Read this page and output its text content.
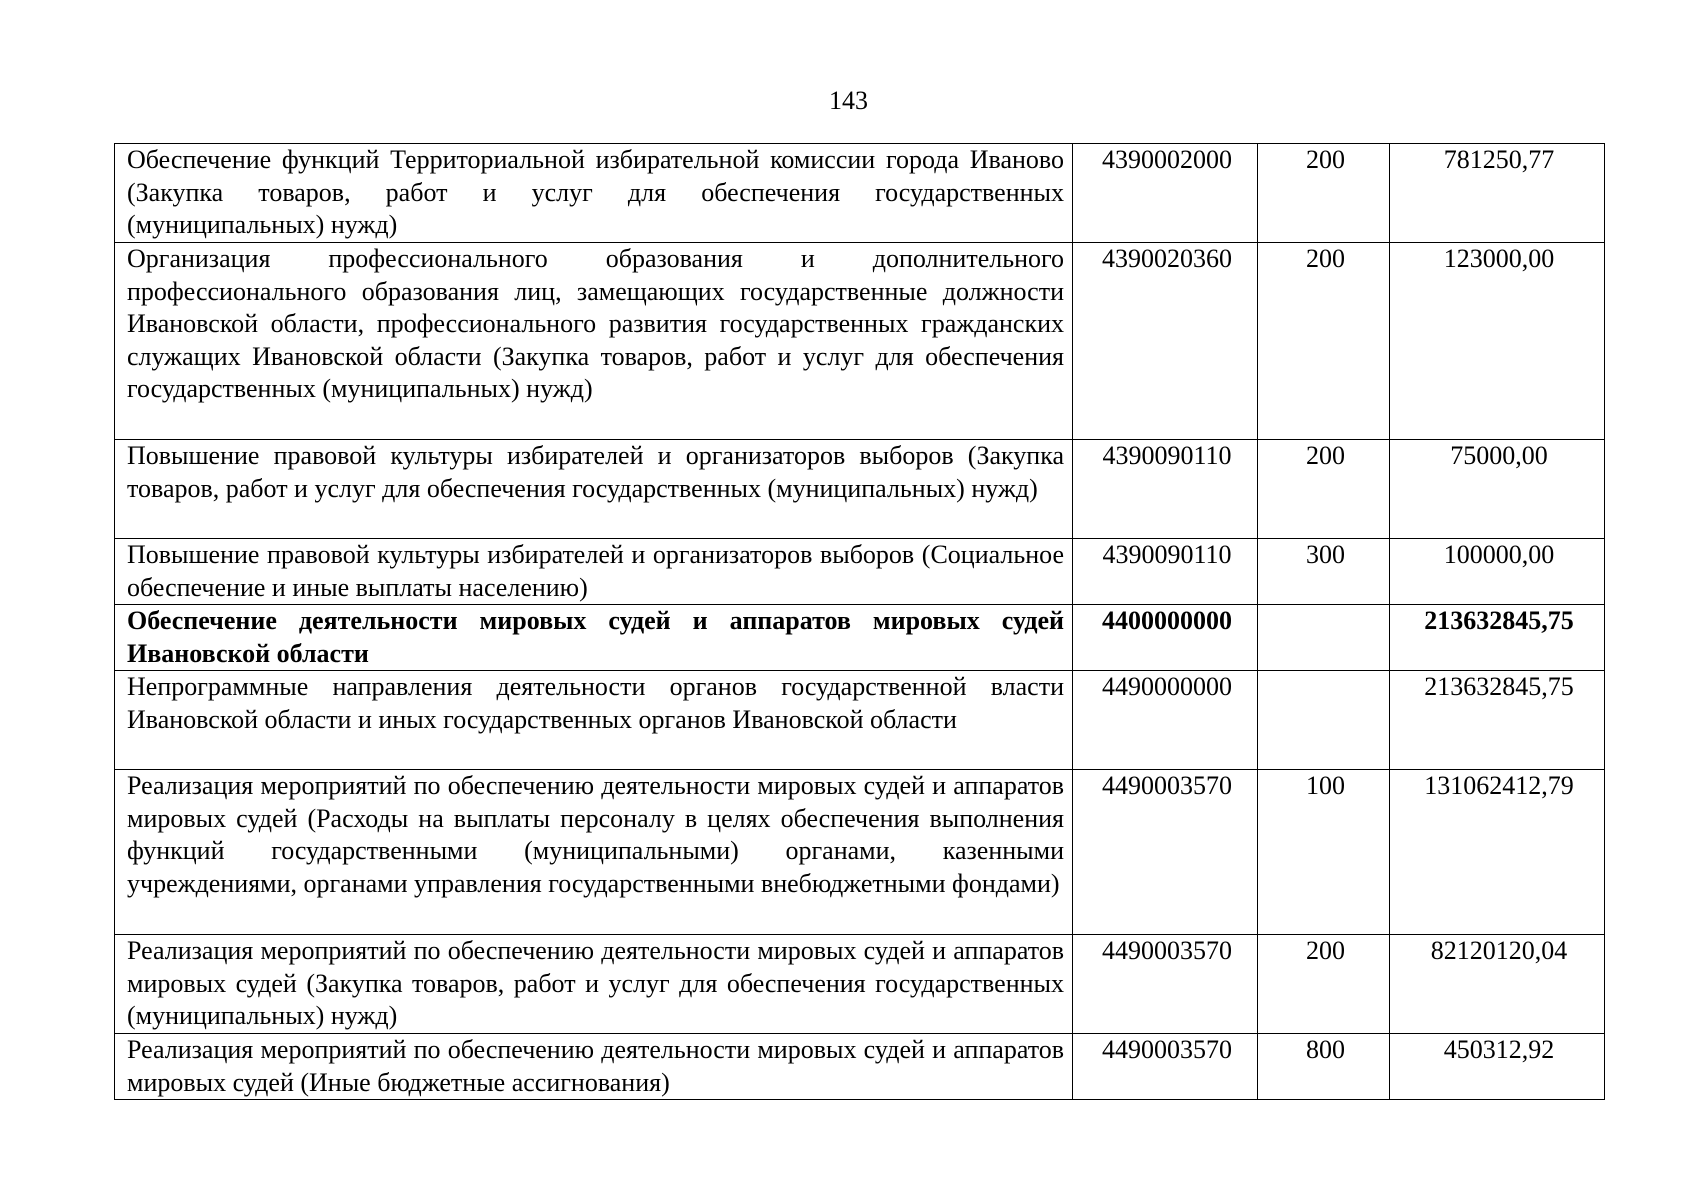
143
Обеспечение функций Территориальной избирательной комиссии города Иваново (Закупка товаров, работ и услуг для обеспечения государственных (муниципальных) нужд)	4390002000	200	781250,77
Организация профессионального образования и дополнительного профессионального образования лиц, замещающих государственные должности Ивановской области, профессионального развития государственных гражданских служащих Ивановской области (Закупка товаров, работ и услуг для обеспечения государственных (муниципальных) нужд)	4390020360	200	123000,00
Повышение правовой культуры избирателей и организаторов выборов (Закупка товаров, работ и услуг для обеспечения государственных (муниципальных) нужд)	4390090110	200	75000,00
Повышение правовой культуры избирателей и организаторов выборов (Социальное обеспечение и иные выплаты населению)	4390090110	300	100000,00
Обеспечение деятельности мировых судей и аппаратов мировых судей Ивановской области	4400000000		213632845,75
Непрограммные направления деятельности органов государственной власти Ивановской области и иных государственных органов Ивановской области	4490000000		213632845,75
Реализация мероприятий по обеспечению деятельности мировых судей и аппаратов мировых судей (Расходы на выплаты персоналу в целях обеспечения выполнения функций государственными (муниципальными) органами, казенными учреждениями, органами управления государственными внебюджетными фондами)	4490003570	100	131062412,79
Реализация мероприятий по обеспечению деятельности мировых судей и аппаратов мировых судей (Закупка товаров, работ и услуг для обеспечения государственных (муниципальных) нужд)	4490003570	200	82120120,04
Реализация мероприятий по обеспечению деятельности мировых судей и аппаратов мировых судей (Иные бюджетные ассигнования)	4490003570	800	450312,92
